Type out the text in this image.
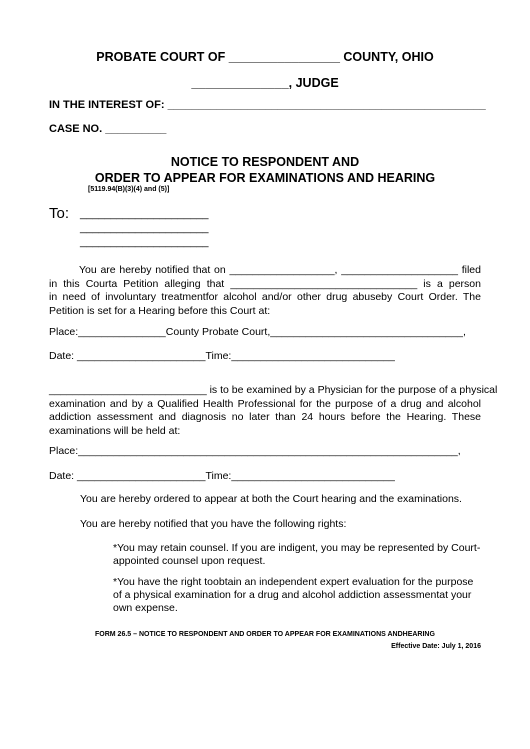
PROBATE COURT OF ________________ COUNTY, OHIO
______________, JUDGE
IN THE INTEREST OF: ____________________________________________________
CASE NO. __________
NOTICE TO RESPONDENT AND
ORDER TO APPEAR FOR EXAMINATIONS AND HEARING
[5119.94(B)(3)(4) and (5)]
To: _____________________
_____________________
_____________________
You are hereby notified that on __________________, ____________________ filed
in this Courta Petition alleging that ________________________________ is a person
in need of involuntary treatmentfor alcohol and/or other drug abuseby Court Order. The
Petition is set for a Hearing before this Court at:
Place:_______________County Probate Court,_________________________________,
Date: ______________________Time:____________________________
___________________________ is to be examined by a Physician for the purpose of a physical
examination and by a Qualified Health Professional for the purpose of a drug and alcohol
addiction assessment and diagnosis no later than 24 hours before the Hearing. These
examinations will be held at:
Place:_________________________________________________________________,
Date: ______________________Time:____________________________
You are hereby ordered to appear at both the Court hearing and the examinations.
You are hereby notified that you have the following rights:
*You may retain counsel. If you are indigent, you may be represented by Court-appointed counsel upon request.
*You have the right toobtain an independent expert evaluation for the purpose of a physical examination for a drug and alcohol addiction assessmentat your own expense.
FORM 26.5 – NOTICE TO RESPONDENT AND ORDER TO APPEAR FOR EXAMINATIONS ANDHEARING
Effective Date: July 1, 2016
